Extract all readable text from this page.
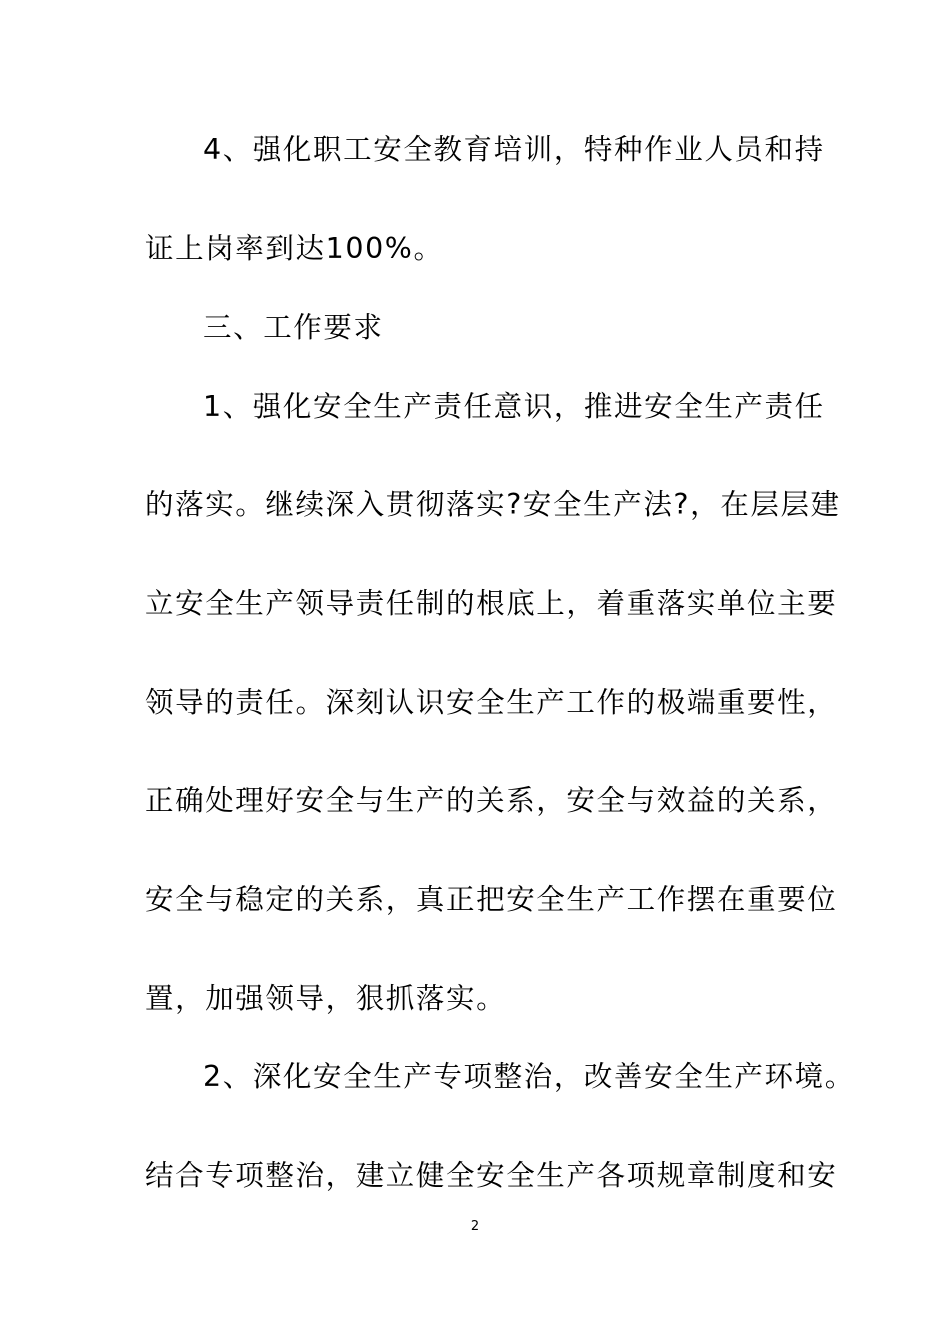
4、强化职工安全教育培训，特种作业人员和持
证上岗率到达100%。
三、工作要求
1、强化安全生产责任意识，推进安全生产责任
的落实。继续深入贯彻落实?安全生产法?，在层层建
立安全生产领导责任制的根底上，着重落实单位主要
领导的责任。深刻认识安全生产工作的极端重要性，
正确处理好安全与生产的关系，安全与效益的关系，
安全与稳定的关系，真正把安全生产工作摆在重要位
置，加强领导，狠抓落实。
2、深化安全生产专项整治，改善安全生产环境。
结合专项整治，建立健全安全生产各项规章制度和安
2
